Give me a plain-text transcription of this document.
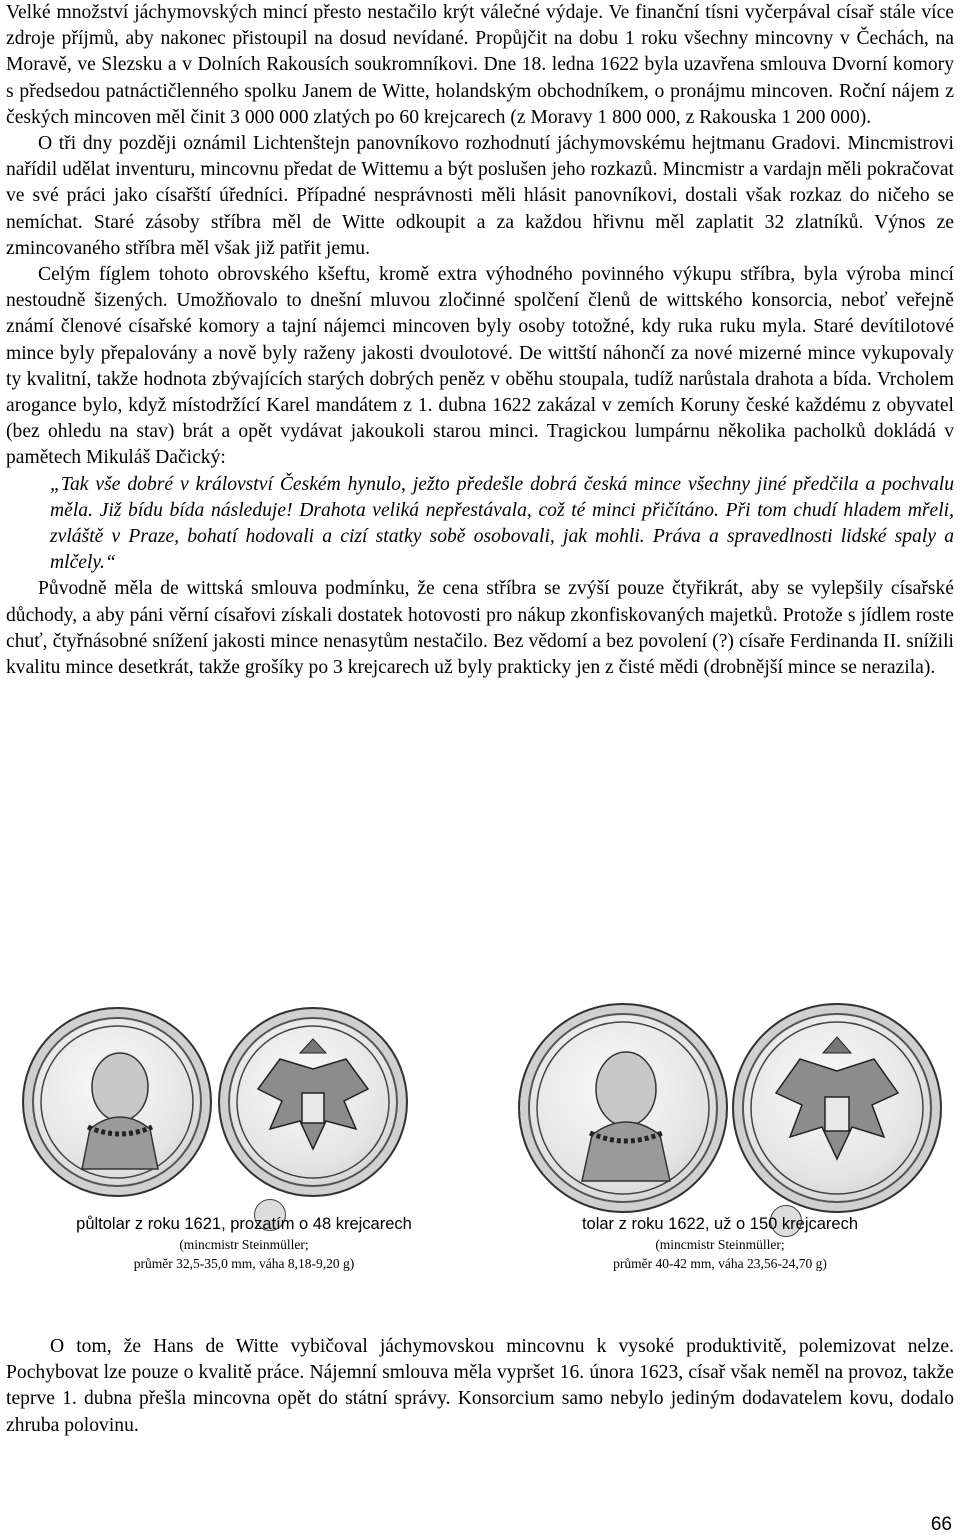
Velké množství jáchymovských mincí přesto nestačilo krýt válečné výdaje. Ve finanční tísni vyčerpával císař stále více zdroje příjmů, aby nakonec přistoupil na dosud nevídané. Propůjčit na dobu 1 roku všechny mincovny v Čechách, na Moravě, ve Slezsku a v Dolních Rakousích soukromníkovi. Dne 18. ledna 1622 byla uzavřena smlouva Dvorní komory s předsedou patnáctičlenného spolku Janem de Witte, holandským obchodníkem, o pronájmu mincoven. Roční nájem z českých mincoven měl činit 3 000 000 zlatých po 60 krejcarech (z Moravy 1 800 000, z Rakouska 1 200 000).

O tři dny později oznámil Lichtenštejn panovníkovo rozhodnutí jáchymovskému hejtmanu Gradovi. Mincmistrovi nařídil udělat inventuru, mincovnu předat de Wittemu a být poslušen jeho rozkazů. Mincmistr a vardajn měli pokračovat ve své práci jako císařští úředníci. Případné nesprávnosti měli hlásit panovníkovi, dostali však rozkaz do ničeho se nemíchat. Staré zásoby stříbra měl de Witte odkoupit a za každou hřivnu měl zaplatit 32 zlatníků. Výnos ze zmincovaného stříbra měl však již patřit jemu.

Celým fíglem tohoto obrovského kšeftu, kromě extra výhodného povinného výkupu stříbra, byla výroba mincí nestoudně šizených. Umožňovalo to dnešní mluvou zločinné spolčení členů de wittského konsorcia, neboť veřejně známí členové císařské komory a tajní nájemci mincoven byly osoby totožné, kdy ruka ruku myla. Staré devítilotové mince byly přepalovány a nově byly raženy jakosti dvoulotové. De wittští náhončí za nové mizerné mince vykupovaly ty kvalitní, takže hodnota zbývajících starých dobrých peněz v oběhu stoupala, tudíž narůstala drahota a bída. Vrcholem arogance bylo, když místodržící Karel mandátem z 1. dubna 1622 zakázal v zemích Koruny české každému z obyvatel (bez ohledu na stav) brát a opět vydávat jakoukoli starou minci. Tragickou lumpárnu několika pacholků dokládá v pamětech Mikuláš Dačický:

„Tak vše dobré v království Českém hynulo, ježto předešle dobrá česká mince všechny jiné předčila a pochvalu měla. Již bídu bída následuje! Drahota veliká nepřestávala, což té minci přičítáno. Při tom chudí hladem mřeli, zvláště v Praze, bohatí hodovali a cizí statky sobě osobovali, jak mohli. Práva a spravedlnosti lidské spaly a mlčely.“

Původně měla de wittská smlouva podmínku, že cena stříbra se zvýší pouze čtyřikrát, aby se vylepšily císařské důchody, a aby páni věrní císařovi získali dostatek hotovosti pro nákup zkonfiskovaných majetků. Protože s jídlem roste chuť, čtyřnásobné snížení jakosti mince nenasytům nestačilo. Bez vědomí a bez povolení (?) císaře Ferdinanda II. snížili kvalitu mince desetkrát, takže grošíky po 3 krejcarech už byly prakticky jen z čisté mědi (drobnější mince se nerazila).

půltolar z roku 1621, prozatím o 48 krejcarech
(mincmistr Steinmüller;
průměr 32,5-35,0 mm, váha 8,18-9,20 g)
tolar z roku 1622, už o 150 krejcarech
(mincmistr Steinmüller;
průměr 40-42 mm, váha 23,56-24,70 g)

O tom, že Hans de Witte vybičoval jáchymovskou mincovnu k vysoké produktivitě, polemizovat nelze. Pochybovat lze pouze o kvalitě práce. Nájemní smlouva měla vypršet 16. února 1623, císař však neměl na provoz, takže teprve 1. dubna přešla mincovna opět do státní správy. Konsorcium samo nebylo jediným dodavatelem kovu, dodalo zhruba polovinu.

66
